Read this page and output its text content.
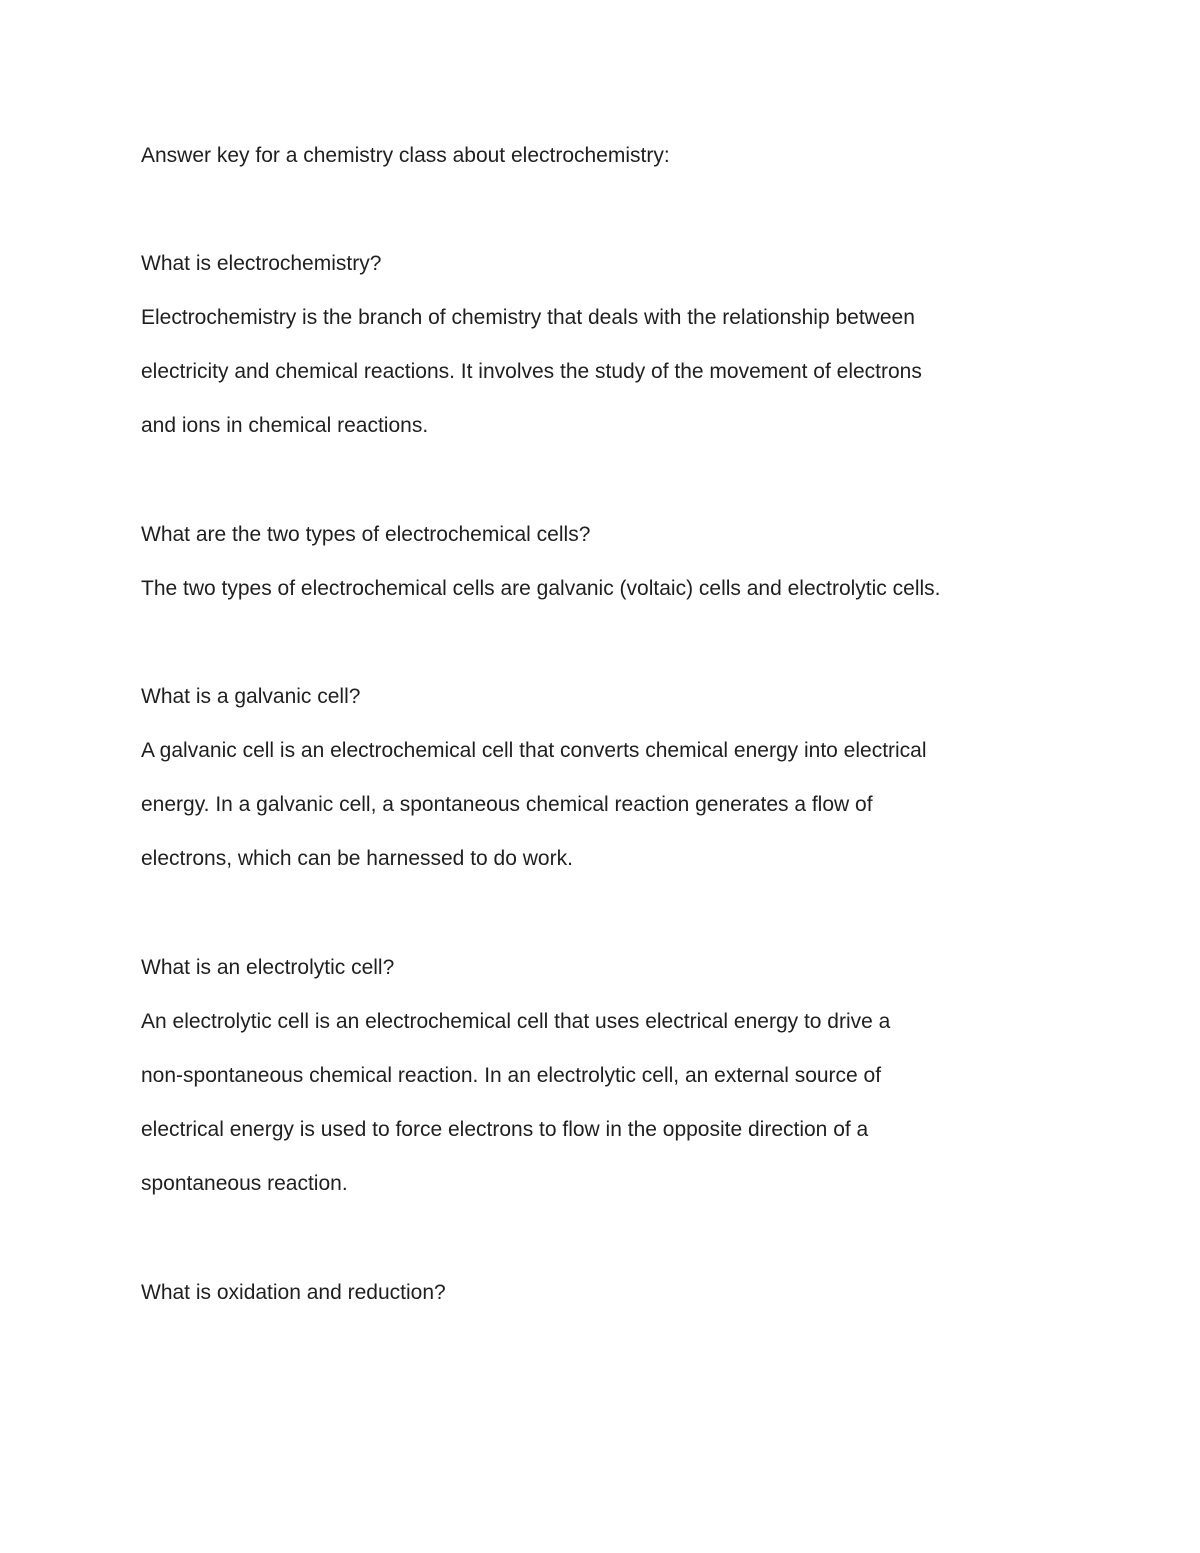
Answer key for a chemistry class about electrochemistry:

What is electrochemistry?

Electrochemistry is the branch of chemistry that deals with the relationship between

electricity and chemical reactions. It involves the study of the movement of electrons

and ions in chemical reactions.

What are the two types of electrochemical cells?

The two types of electrochemical cells are galvanic (voltaic) cells and electrolytic cells.

What is a galvanic cell?

A galvanic cell is an electrochemical cell that converts chemical energy into electrical

energy. In a galvanic cell, a spontaneous chemical reaction generates a flow of

electrons, which can be harnessed to do work.

What is an electrolytic cell?

An electrolytic cell is an electrochemical cell that uses electrical energy to drive a

non-spontaneous chemical reaction. In an electrolytic cell, an external source of

electrical energy is used to force electrons to flow in the opposite direction of a

spontaneous reaction.

What is oxidation and reduction?
